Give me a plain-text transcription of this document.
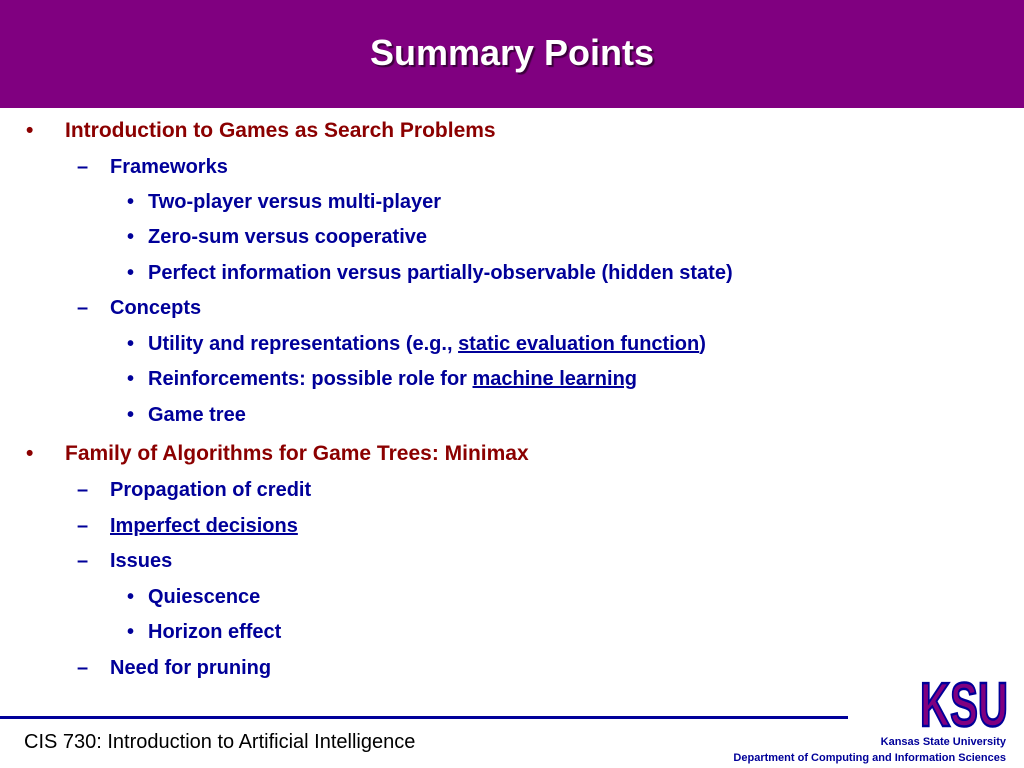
Summary Points
• Introduction to Games as Search Problems
– Frameworks
• Two-player versus multi-player
• Zero-sum versus cooperative
• Perfect information versus partially-observable (hidden state)
– Concepts
• Utility and representations (e.g., static evaluation function)
• Reinforcements: possible role for machine learning
• Game tree
• Family of Algorithms for Game Trees: Minimax
– Propagation of credit
– Imperfect decisions
– Issues
• Quiescence
• Horizon effect
– Need for pruning
KSU
CIS 730: Introduction to Artificial Intelligence	Kansas State University
Department of Computing and Information Sciences
